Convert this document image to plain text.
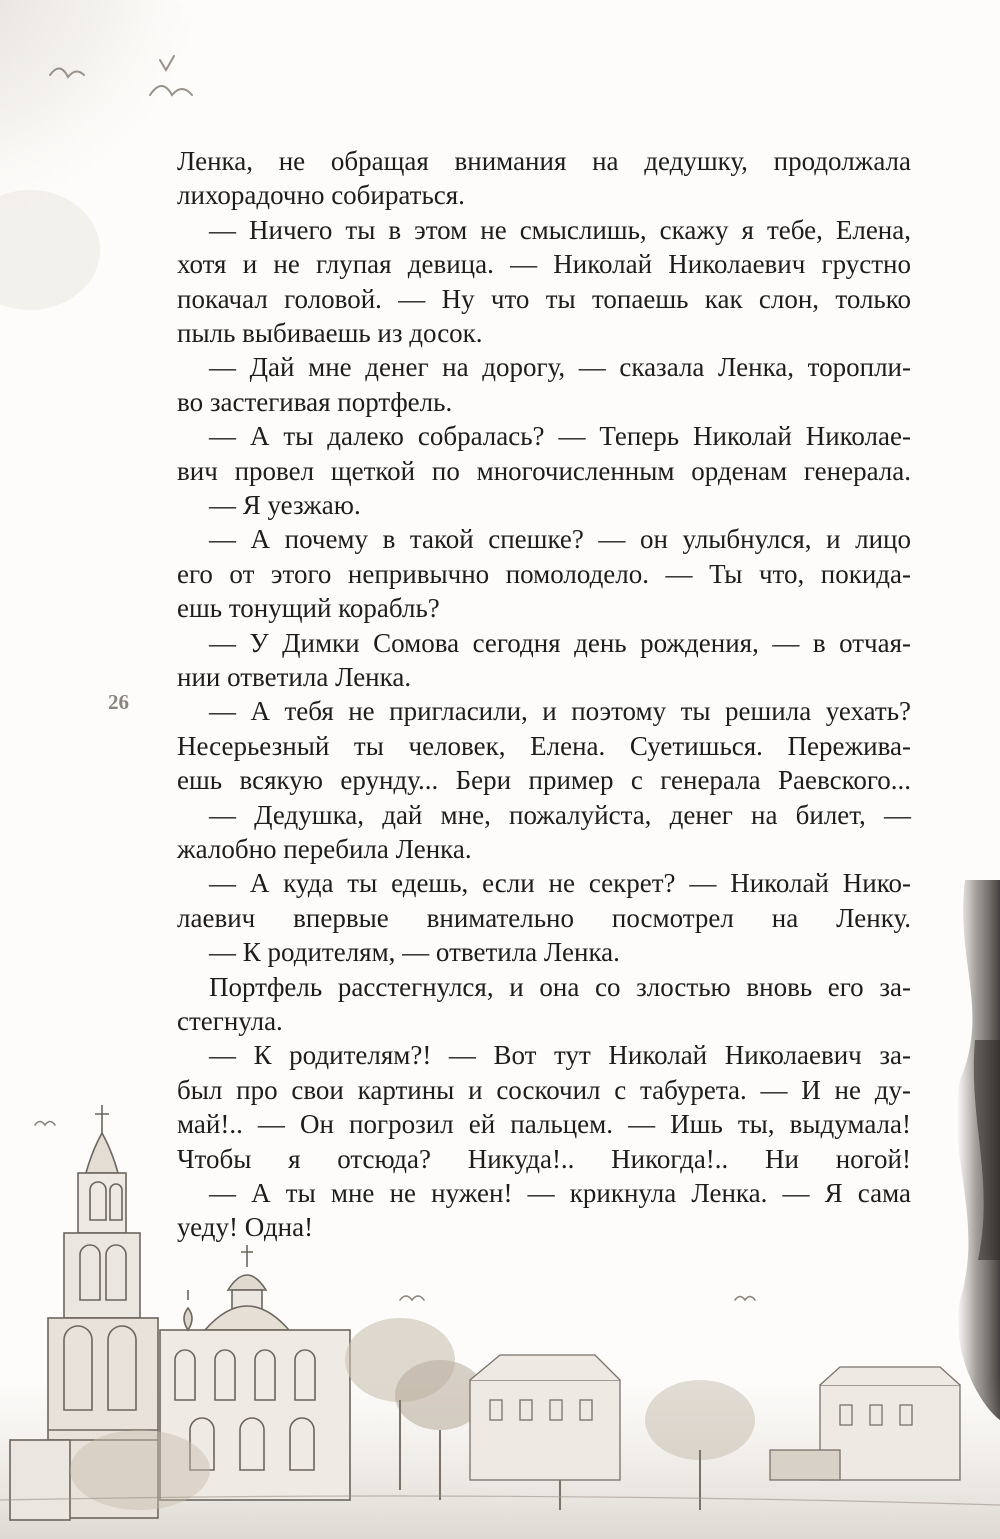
26
Ленка, не обращая внимания на дедушку, продолжала
лихорадочно собираться.
— Ничего ты в этом не смыслишь, скажу я тебе, Елена,
хотя и не глупая девица. — Николай Николаевич грустно
покачал головой. — Ну что ты топаешь как слон, только
пыль выбиваешь из досок.
— Дай мне денег на дорогу, — сказала Ленка, торопли-
во застегивая портфель.
— А ты далеко собралась? — Теперь Николай Николае-
вич провел щеткой по многочисленным орденам генерала.
— Я уезжаю.
— А почему в такой спешке? — он улыбнулся, и лицо
его от этого непривычно помолодело. — Ты что, покида-
ешь тонущий корабль?
— У Димки Сомова сегодня день рождения, — в отчая-
нии ответила Ленка.
— А тебя не пригласили, и поэтому ты решила уехать?
Несерьезный ты человек, Елена. Суетишься. Пережива-
ешь всякую ерунду... Бери пример с генерала Раевского...
— Дедушка, дай мне, пожалуйста, денег на билет, —
жалобно перебила Ленка.
— А куда ты едешь, если не секрет? — Николай Нико-
лаевич впервые внимательно посмотрел на Ленку.
— К родителям, — ответила Ленка.
Портфель расстегнулся, и она со злостью вновь его за-
стегнула.
— К родителям?! — Вот тут Николай Николаевич за-
был про свои картины и соскочил с табурета. — И не ду-
май!.. — Он погрозил ей пальцем. — Ишь ты, выдумала!
Чтобы я отсюда? Никуда!.. Никогда!.. Ни ногой!
— А ты мне не нужен! — крикнула Ленка. — Я сама
уеду! Одна!
